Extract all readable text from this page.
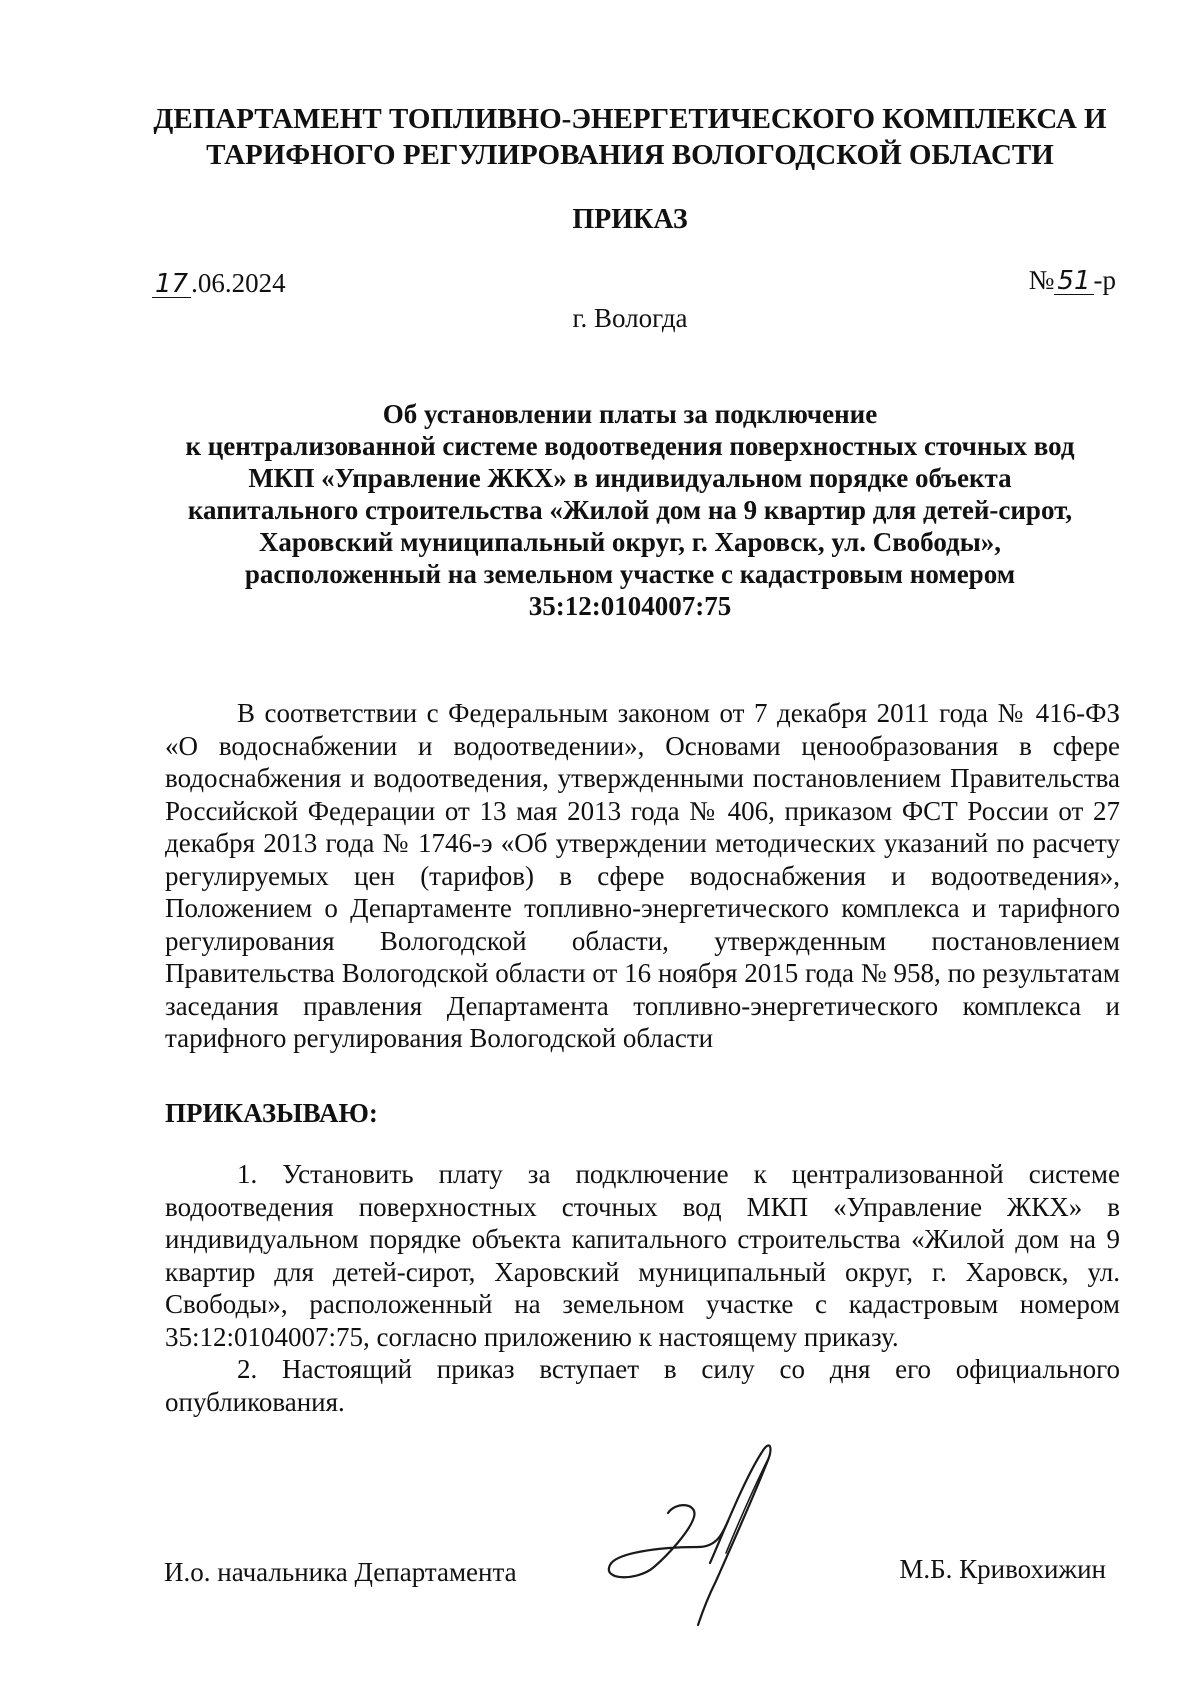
ДЕПАРТАМЕНТ ТОПЛИВНО-ЭНЕРГЕТИЧЕСКОГО КОМПЛЕКСА И
ТАРИФНОГО РЕГУЛИРОВАНИЯ ВОЛОГОДСКОЙ ОБЛАСТИ
ПРИКАЗ
17 .06.2024	№ 51 -р
г. Вологда
Об установлении платы за подключение
к централизованной системе водоотведения поверхностных сточных вод
МКП «Управление ЖКХ» в индивидуальном порядке объекта
капитального строительства «Жилой дом на 9 квартир для детей-сирот,
Харовский муниципальный округ, г. Харовск, ул. Свободы»,
расположенный на земельном участке с кадастровым номером
35:12:0104007:75
В соответствии с Федеральным законом от 7 декабря 2011 года № 416-ФЗ «О водоснабжении и водоотведении», Основами ценообразования в сфере водоснабжения и водоотведения, утвержденными постановлением Правительства Российской Федерации от 13 мая 2013 года № 406, приказом ФСТ России от 27 декабря 2013 года № 1746-э «Об утверждении методических указаний по расчету регулируемых цен (тарифов) в сфере водоснабжения и водоотведения», Положением о Департаменте топливно-энергетического комплекса и тарифного регулирования Вологодской области, утвержденным постановлением Правительства Вологодской области от 16 ноября 2015 года № 958, по результатам заседания правления Департамента топливно-энергетического комплекса и тарифного регулирования Вологодской области
ПРИКАЗЫВАЮ:

1. Установить плату за подключение к централизованной системе водоотведения поверхностных сточных вод МКП «Управление ЖКХ» в индивидуальном порядке объекта капитального строительства «Жилой дом на 9 квартир для детей-сирот, Харовский муниципальный округ, г. Харовск, ул. Свободы», расположенный на земельном участке с кадастровым номером 35:12:0104007:75, согласно приложению к настоящему приказу.

2. Настоящий приказ вступает в силу со дня его официального опубликования.

И.о. начальника Департамента	М.Б. Кривохижин
